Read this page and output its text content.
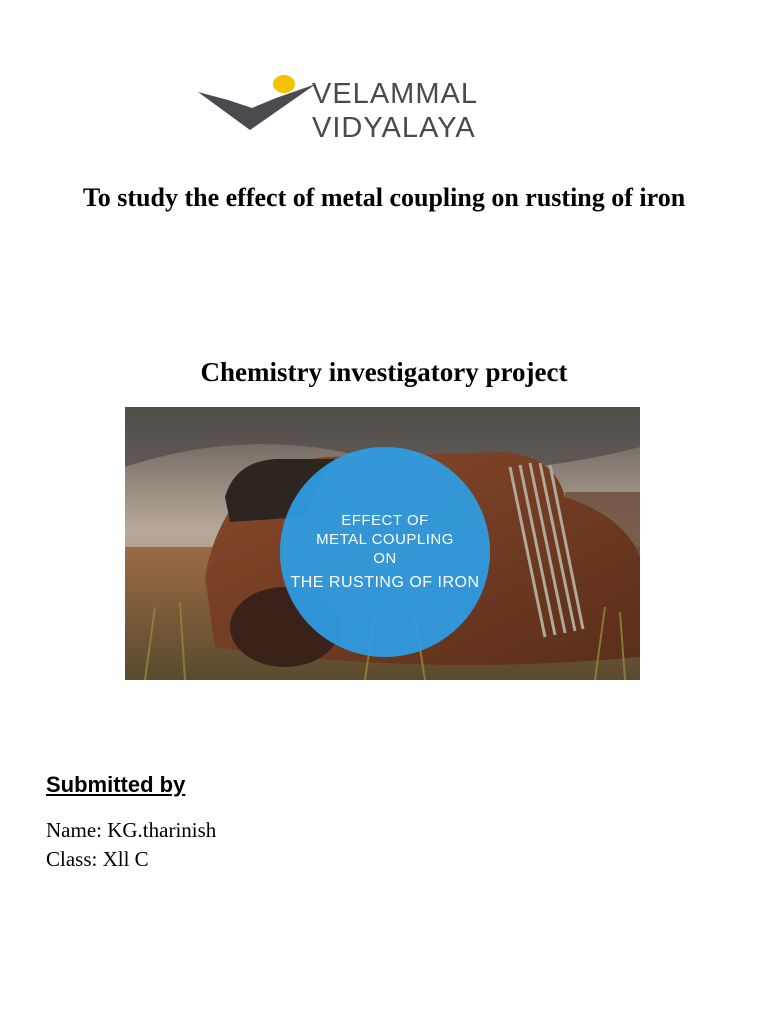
VELAMMAL
VIDYALAYA
To study the effect of metal coupling on rusting of iron
Chemistry investigatory project
EFFECT OF
METAL COUPLING
ON
THE RUSTING OF IRON
Submitted by
Name: KG.tharinish
Class: Xll C
